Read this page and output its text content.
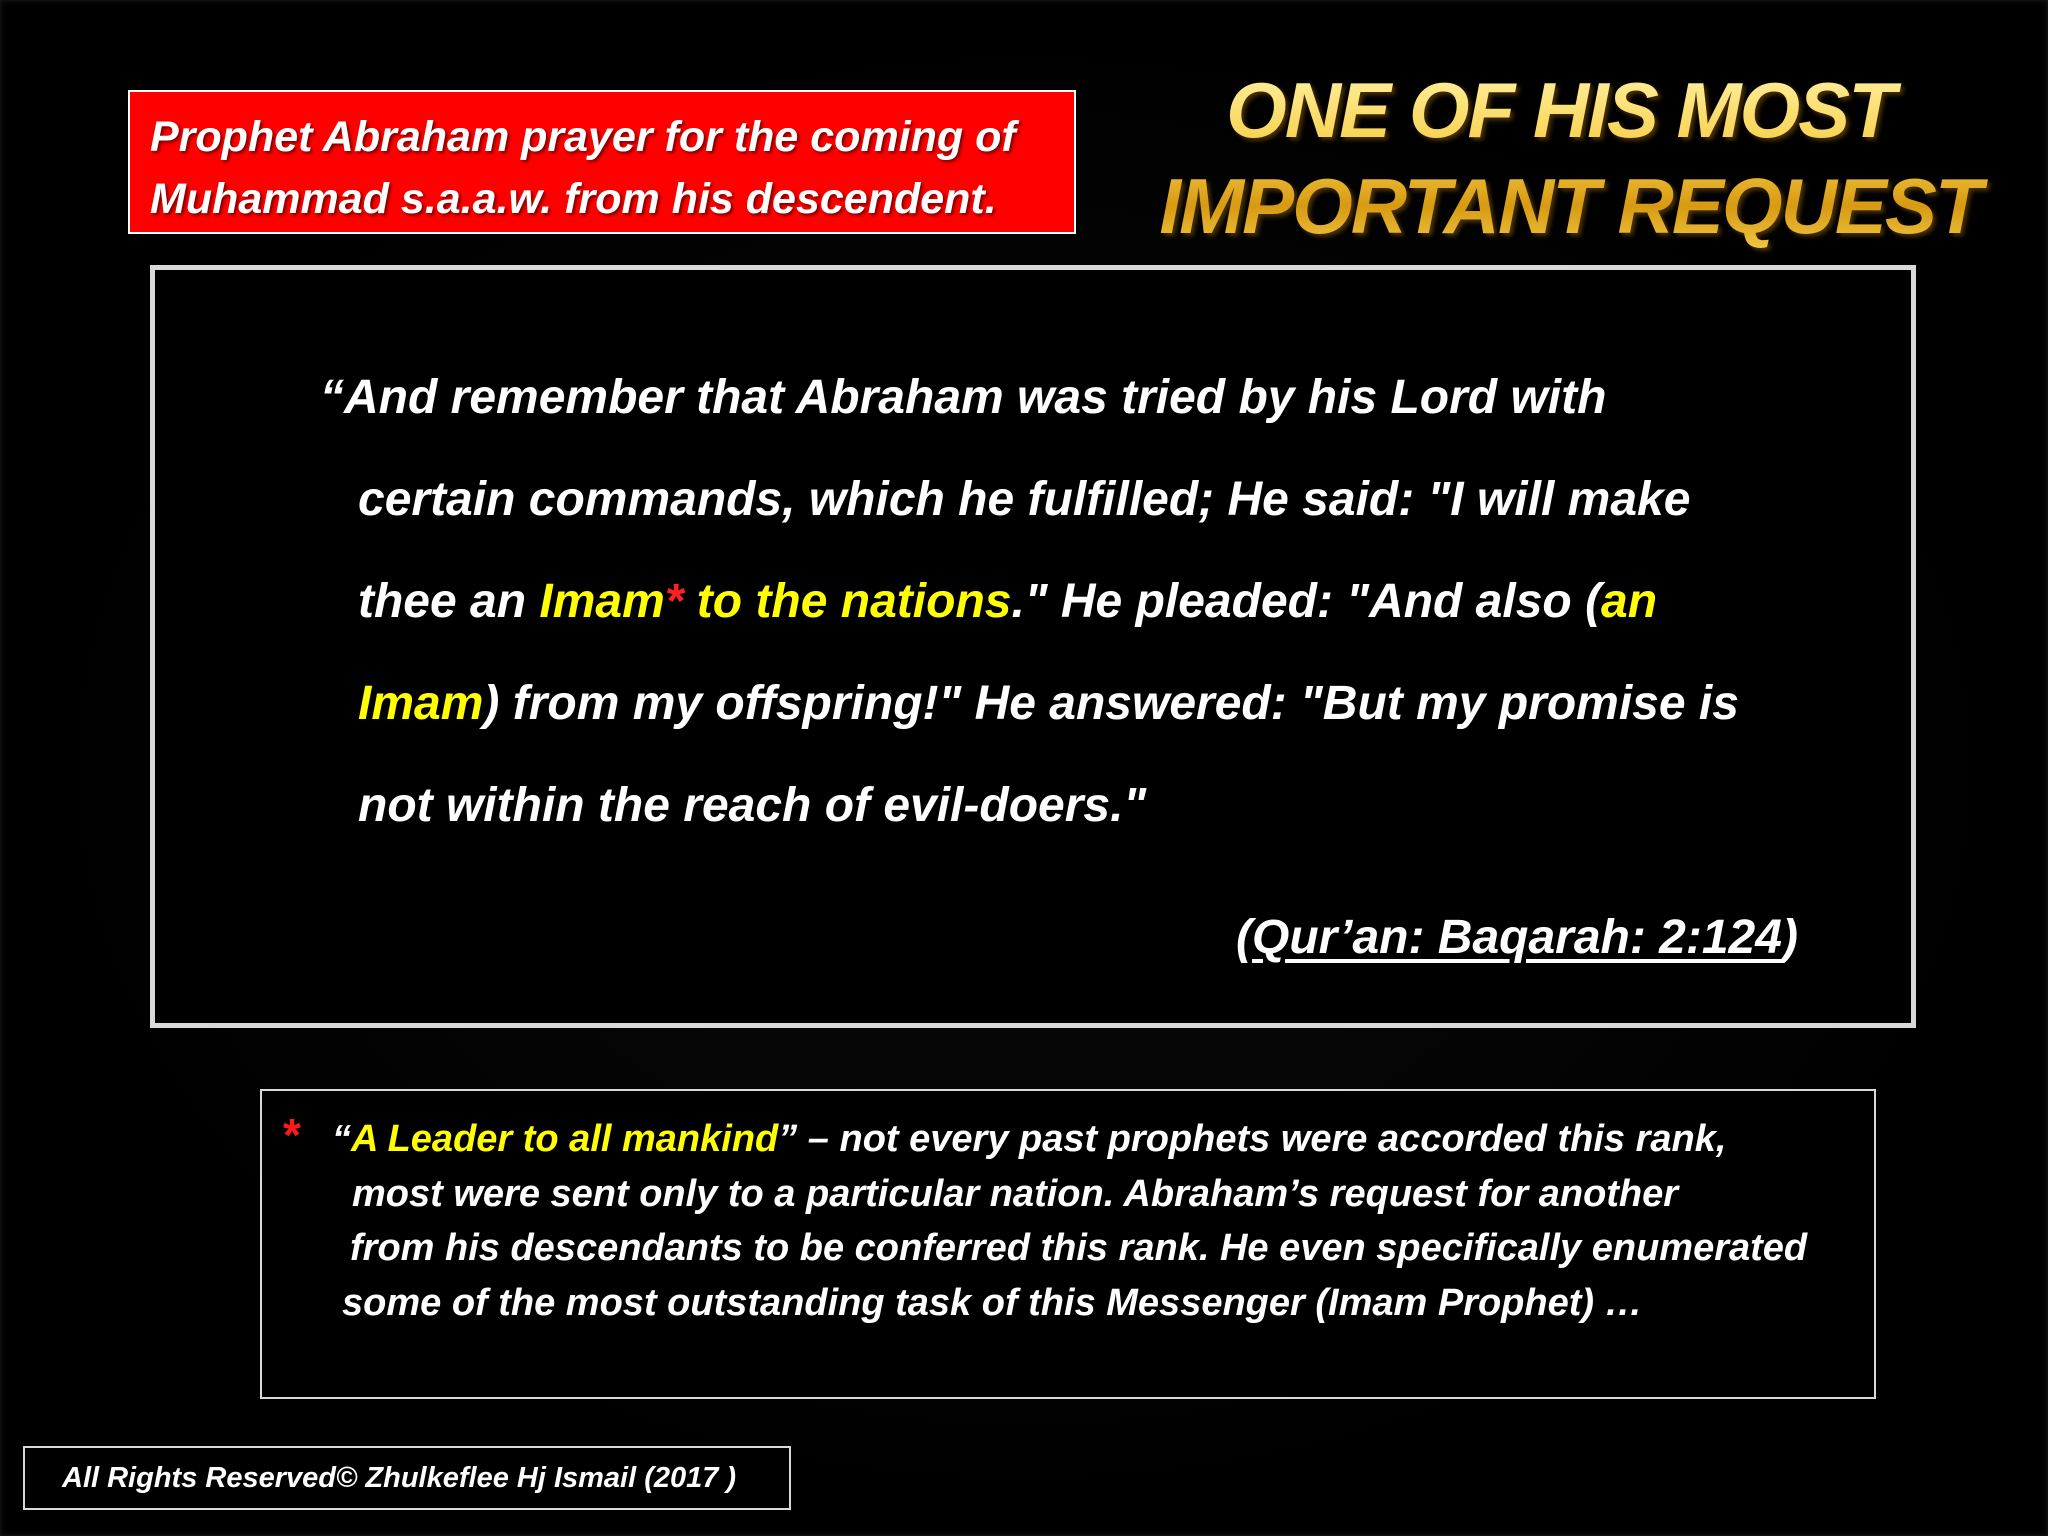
Prophet Abraham prayer for the coming of
Muhammad s.a.a.w. from his descendent.
ONE OF HIS MOST
IMPORTANT REQUEST
“And remember that Abraham was tried by his Lord with
certain commands, which he fulfilled; He said: "I will make
thee an Imam* to the nations." He pleaded: "And also (an
Imam) from my offspring!" He answered: "But my promise is
not within the reach of evil-doers."
(Qur’an: Baqarah: 2:124)
* “A Leader to all mankind” – not every past prophets were accorded this rank,
most were sent only to a particular nation. Abraham’s request for another
from his descendants to be conferred this rank. He even specifically enumerated
some of the most outstanding task of this Messenger (Imam Prophet) …
All Rights Reserved© Zhulkeflee Hj Ismail (2017 )
